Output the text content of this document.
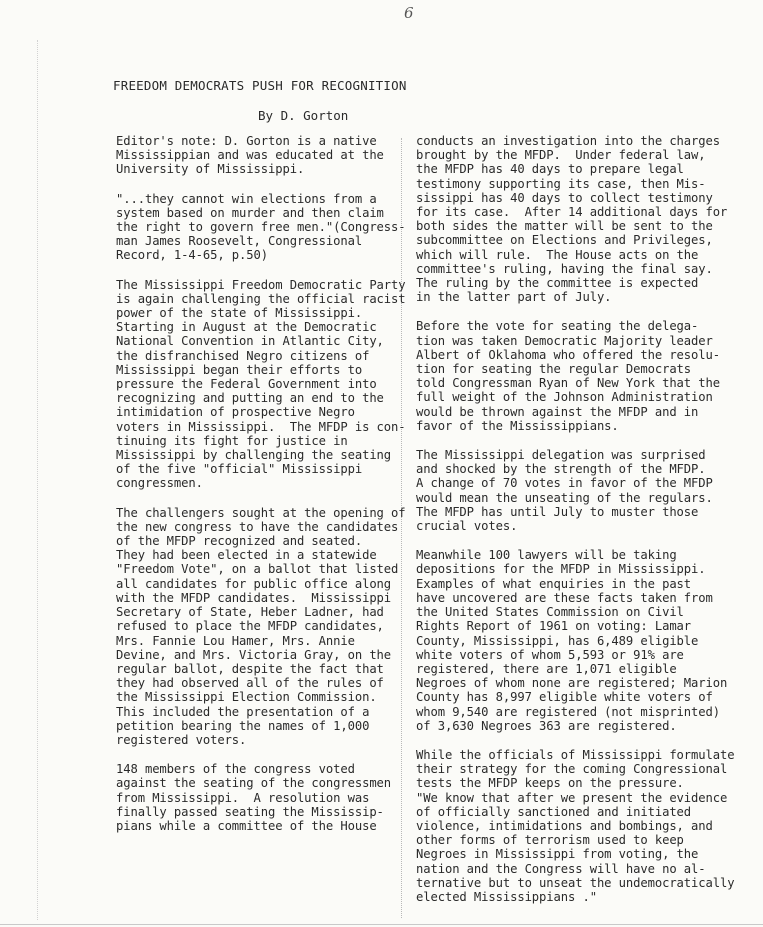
6
FREEDOM DEMOCRATS PUSH FOR RECOGNITION
By D. Gorton
Editor's note: D. Gorton is a native
Mississippian and was educated at the
University of Mississippi.
"...they cannot win elections from a
system based on murder and then claim
the right to govern free men."(Congress-
man James Roosevelt, Congressional
Record, 1-4-65, p.50)
The Mississippi Freedom Democratic Party
is again challenging the official racist
power of the state of Mississippi.
Starting in August at the Democratic
National Convention in Atlantic City,
the disfranchised Negro citizens of
Mississippi began their efforts to
pressure the Federal Government into
recognizing and putting an end to the
intimidation of prospective Negro
voters in Mississippi.  The MFDP is con-
tinuing its fight for justice in
Mississippi by challenging the seating
of the five "official" Mississippi
congressmen.
The challengers sought at the opening of
the new congress to have the candidates
of the MFDP recognized and seated.
They had been elected in a statewide
"Freedom Vote", on a ballot that listed
all candidates for public office along
with the MFDP candidates.  Mississippi
Secretary of State, Heber Ladner, had
refused to place the MFDP candidates,
Mrs. Fannie Lou Hamer, Mrs. Annie
Devine, and Mrs. Victoria Gray, on the
regular ballot, despite the fact that
they had observed all of the rules of
the Mississippi Election Commission.
This included the presentation of a
petition bearing the names of 1,000
registered voters.
148 members of the congress voted
against the seating of the congressmen
from Mississippi.  A resolution was
finally passed seating the Mississip-
pians while a committee of the House
conducts an investigation into the charges
brought by the MFDP.  Under federal law,
the MFDP has 40 days to prepare legal
testimony supporting its case, then Mis-
sissippi has 40 days to collect testimony
for its case.  After 14 additional days for
both sides the matter will be sent to the
subcommittee on Elections and Privileges,
which will rule.  The House acts on the
committee's ruling, having the final say.
The ruling by the committee is expected
in the latter part of July.
Before the vote for seating the delega-
tion was taken Democratic Majority leader
Albert of Oklahoma who offered the resolu-
tion for seating the regular Democrats
told Congressman Ryan of New York that the
full weight of the Johnson Administration
would be thrown against the MFDP and in
favor of the Mississippians.
The Mississippi delegation was surprised
and shocked by the strength of the MFDP.
A change of 70 votes in favor of the MFDP
would mean the unseating of the regulars.
The MFDP has until July to muster those
crucial votes.
Meanwhile 100 lawyers will be taking
depositions for the MFDP in Mississippi.
Examples of what enquiries in the past
have uncovered are these facts taken from
the United States Commission on Civil
Rights Report of 1961 on voting: Lamar
County, Mississippi, has 6,489 eligible
white voters of whom 5,593 or 91% are
registered, there are 1,071 eligible
Negroes of whom none are registered; Marion
County has 8,997 eligible white voters of
whom 9,540 are registered (not misprinted)
of 3,630 Negroes 363 are registered.
While the officials of Mississippi formulate
their strategy for the coming Congressional
tests the MFDP keeps on the pressure.
"We know that after we present the evidence
of officially sanctioned and initiated
violence, intimidations and bombings, and
other forms of terrorism used to keep
Negroes in Mississippi from voting, the
nation and the Congress will have no al-
ternative but to unseat the undemocratically
elected Mississippians ."
